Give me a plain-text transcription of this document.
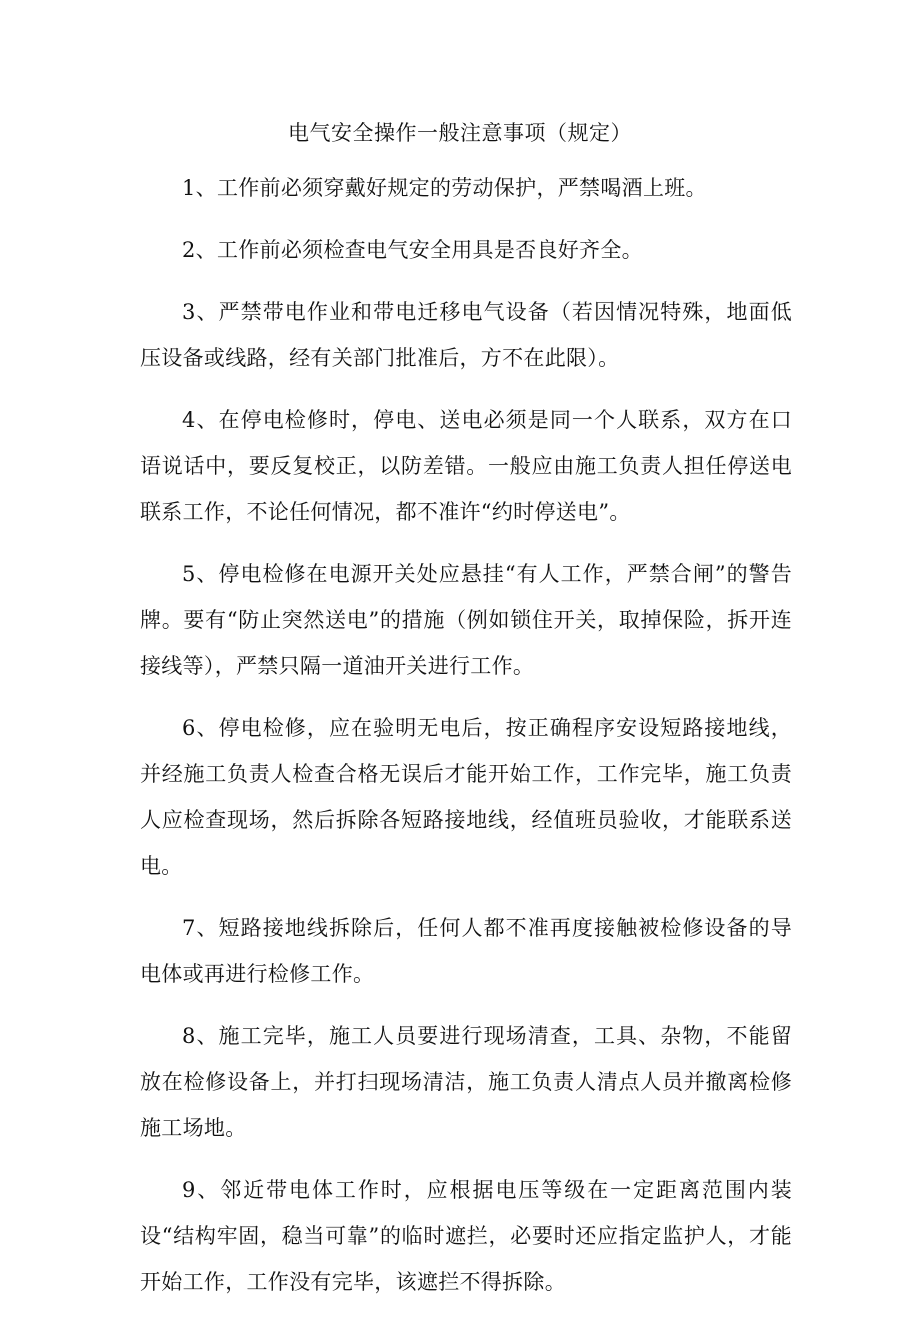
电气安全操作一般注意事项（规定）

1、工作前必须穿戴好规定的劳动保护，严禁喝酒上班。

2、工作前必须检查电气安全用具是否良好齐全。

3、严禁带电作业和带电迁移电气设备（若因情况特殊，地面低压设备或线路，经有关部门批准后，方不在此限）。

4、在停电检修时，停电、送电必须是同一个人联系，双方在口语说话中，要反复校正，以防差错。一般应由施工负责人担任停送电联系工作，不论任何情况，都不准许“约时停送电”。

5、停电检修在电源开关处应悬挂“有人工作，严禁合闸”的警告牌。要有“防止突然送电”的措施（例如锁住开关，取掉保险，拆开连接线等），严禁只隔一道油开关进行工作。

6、停电检修，应在验明无电后，按正确程序安设短路接地线，并经施工负责人检查合格无误后才能开始工作，工作完毕，施工负责人应检查现场，然后拆除各短路接地线，经值班员验收，才能联系送电。

7、短路接地线拆除后，任何人都不准再度接触被检修设备的导电体或再进行检修工作。

8、施工完毕，施工人员要进行现场清查，工具、杂物，不能留放在检修设备上，并打扫现场清洁，施工负责人清点人员并撤离检修施工场地。

9、邻近带电体工作时，应根据电压等级在一定距离范围内装设“结构牢固，稳当可靠”的临时遮拦，必要时还应指定监护人，才能开始工作，工作没有完毕，该遮拦不得拆除。
